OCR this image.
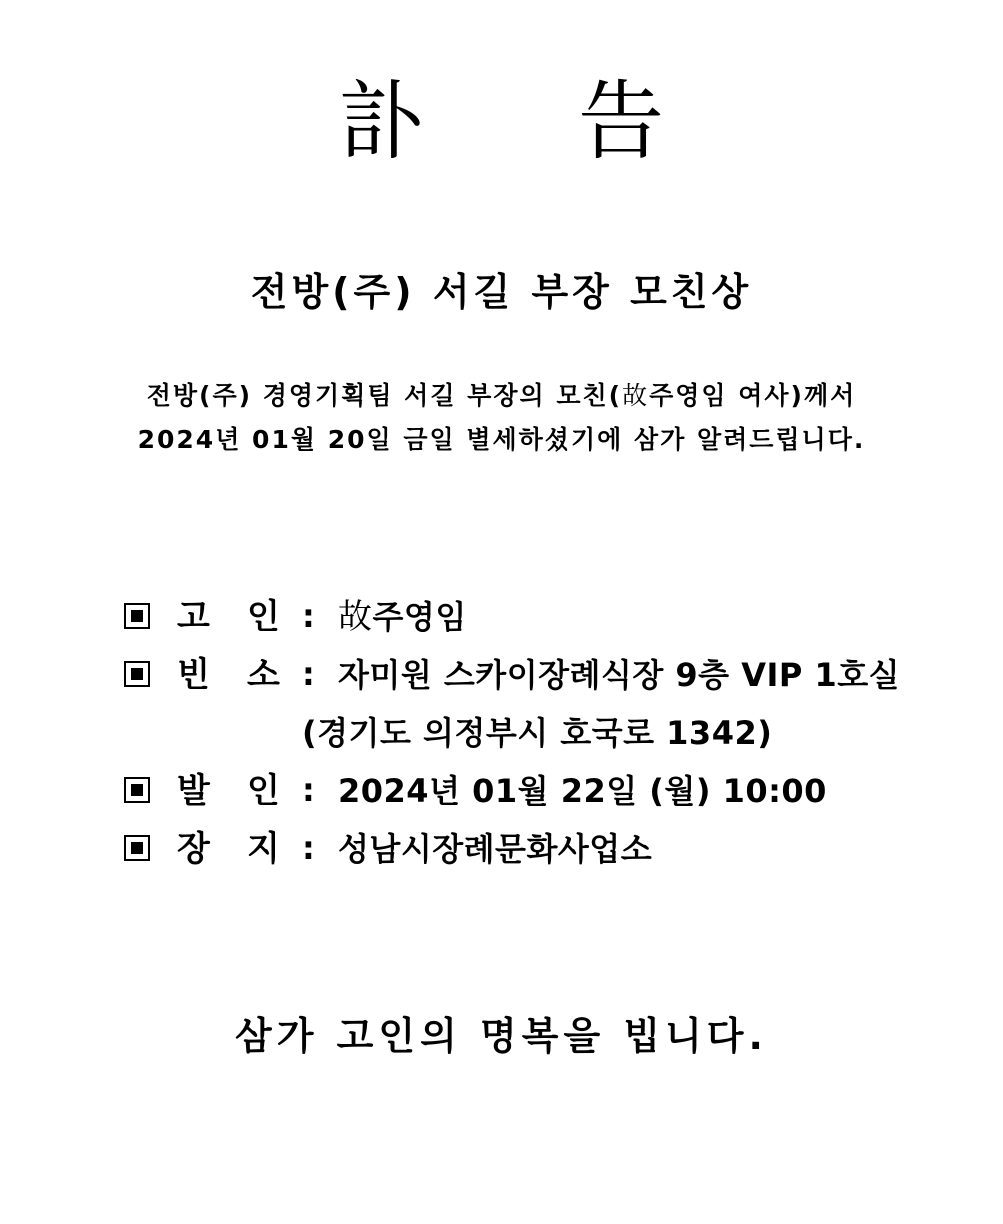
訃 告
전방(주) 서길 부장 모친상
전방(주) 경영기획팀 서길 부장의 모친(故주영임 여사)께서
2024년 01월 20일 금일 별세하셨기에 삼가 알려드립니다.
고 인 : 故주영임
빈 소 : 자미원 스카이장례식장 9층 VIP 1호실
(경기도 의정부시 호국로 1342)
발 인 : 2024년 01월 22일 (월) 10:00
장 지 : 성남시장례문화사업소
삼가 고인의 명복을 빕니다.
